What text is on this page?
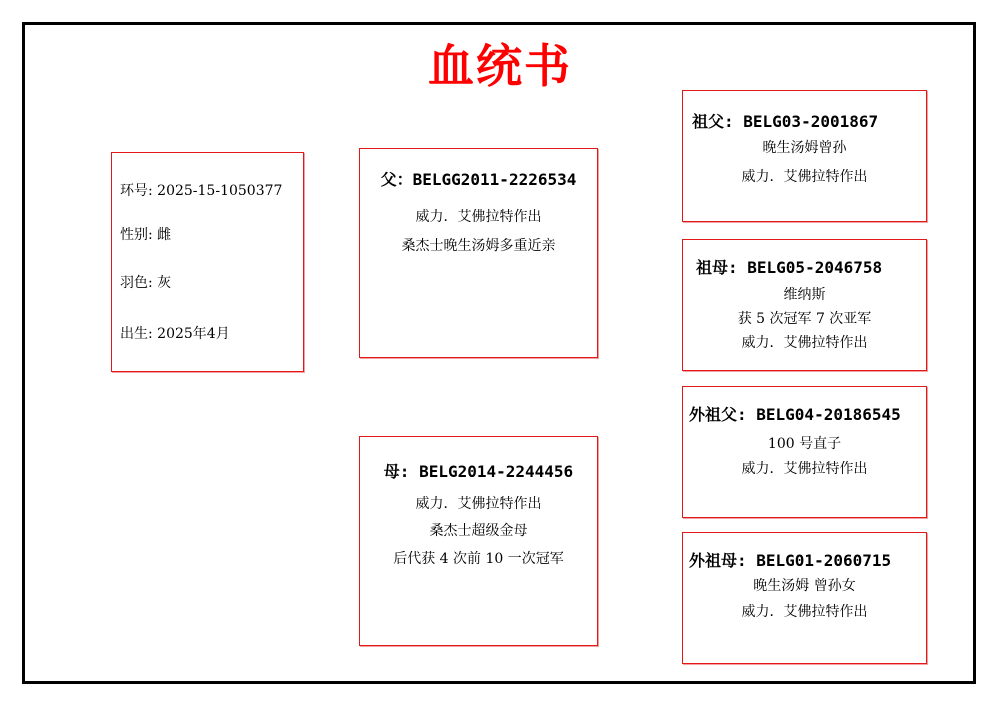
血统书
环号: 2025-15-1050377
性别: 雌
羽色: 灰
出生: 2025年4月
父：BELGG2011-2226534
威力．艾佛拉特作出
桑杰士晚生汤姆多重近亲
母: BELG2014-2244456
威力．艾佛拉特作出
桑杰士超级金母
后代获 4 次前 10 一次冠军
祖父: BELG03-2001867
晚生汤姆曾孙
威力．艾佛拉特作出
祖母: BELG05-2046758
维纳斯
获 5 次冠军 7 次亚军
威力．艾佛拉特作出
外祖父: BELG04-20186545
100 号直子
威力．艾佛拉特作出
外祖母: BELG01-2060715
晚生汤姆 曾孙女
威力．艾佛拉特作出
